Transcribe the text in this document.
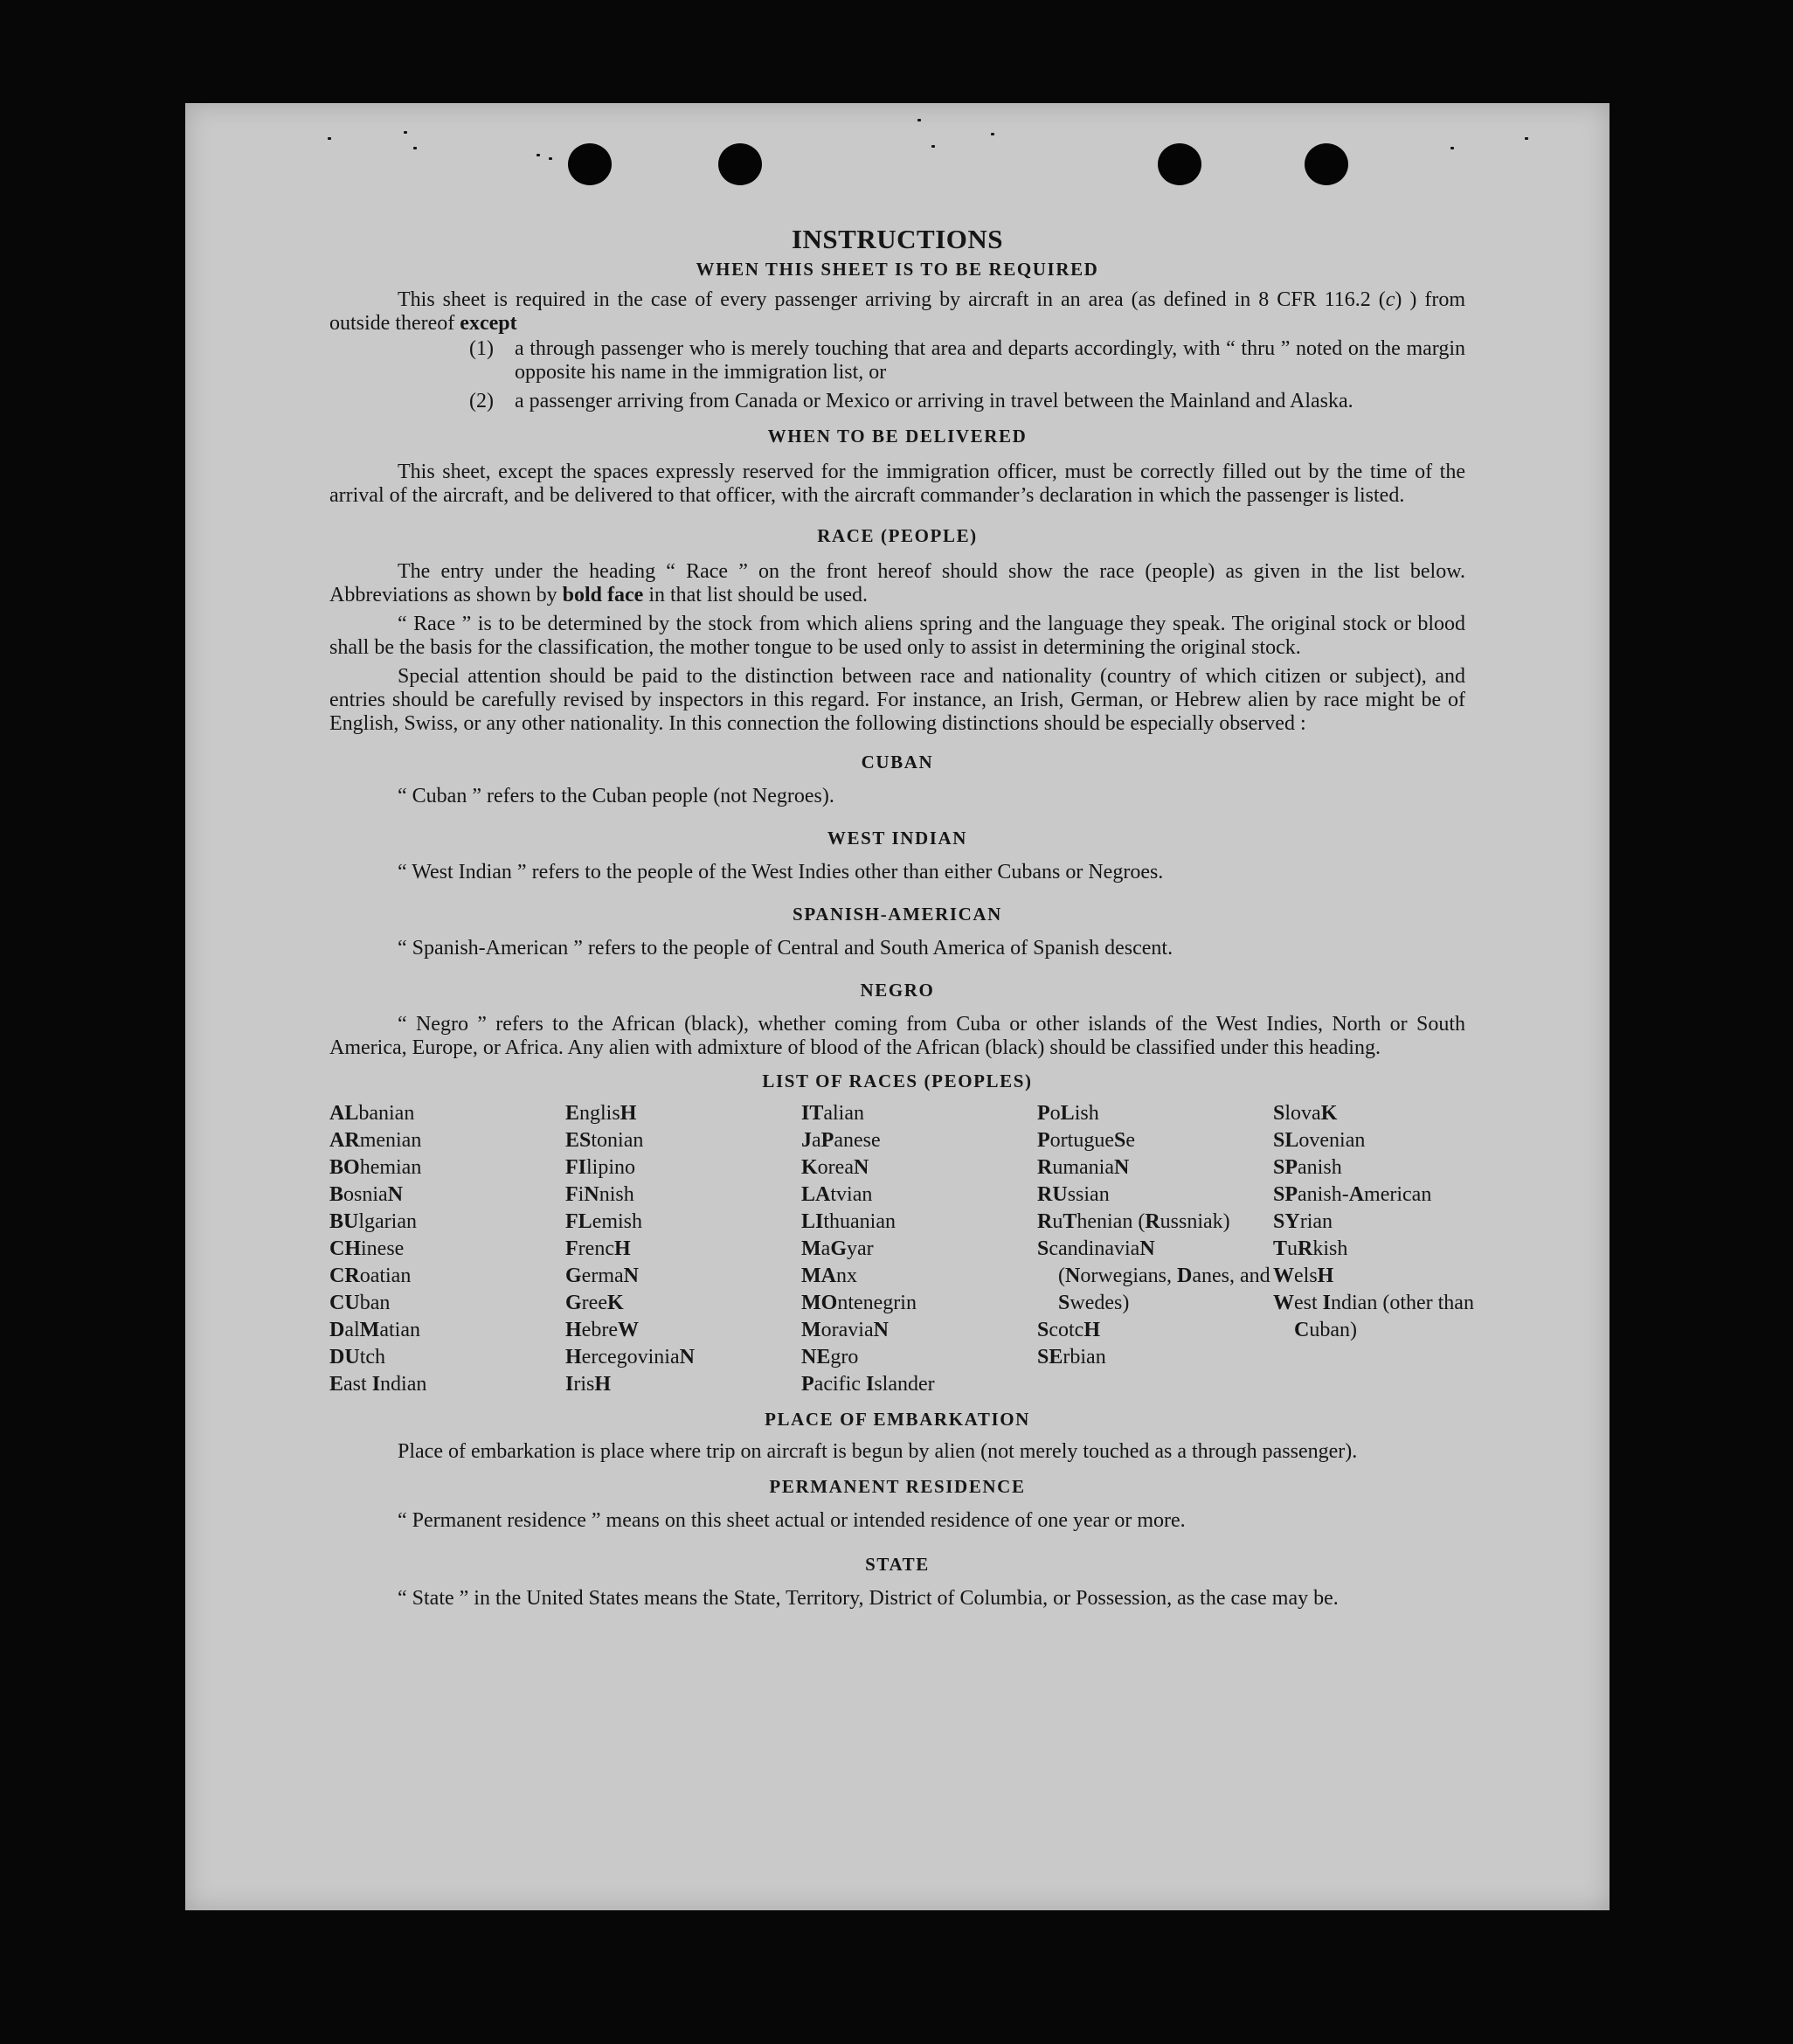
INSTRUCTIONS
WHEN THIS SHEET IS TO BE REQUIRED

This sheet is required in the case of every passenger arriving by aircraft in an area (as defined in 8 CFR 116.2 (c) ) from outside thereof except

(1)	a through passenger who is merely touching that area and departs accordingly, with “ thru ” noted on the margin opposite his name in the immigration list, or
(2)	a passenger arriving from Canada or Mexico or arriving in travel between the Mainland and Alaska.
WHEN TO BE DELIVERED

This sheet, except the spaces expressly reserved for the immigration officer, must be correctly filled out by the time of the arrival of the aircraft, and be delivered to that officer, with the aircraft commander’s declaration in which the passenger is listed.

RACE (PEOPLE)

The entry under the heading “ Race ” on the front hereof should show the race (people) as given in the list below. Abbreviations as shown by bold face in that list should be used.

“ Race ” is to be determined by the stock from which aliens spring and the language they speak. The original stock or blood shall be the basis for the classification, the mother tongue to be used only to assist in determining the original stock.

Special attention should be paid to the distinction between race and nationality (country of which citizen or subject), and entries should be carefully revised by inspectors in this regard. For instance, an Irish, German, or Hebrew alien by race might be of English, Swiss, or any other nationality. In this connection the following distinctions should be especially observed :

CUBAN
“ Cuban ” refers to the Cuban people (not Negroes).
WEST INDIAN
“ West Indian ” refers to the people of the West Indies other than either Cubans or Negroes.
SPANISH-AMERICAN
“ Spanish-American ” refers to the people of Central and South America of Spanish descent.
NEGRO

“ Negro ” refers to the African (black), whether coming from Cuba or other islands of the West Indies, North or South America, Europe, or Africa. Any alien with admixture of blood of the African (black) should be classified under this heading.

LIST OF RACES (PEOPLES)
ALbanian
ARmenian
BOhemian
BosniaN
BUlgarian
CHinese
CRoatian
CUban
DalMatian
DUtch
East Indian
EnglisH
EStonian
FIlipino
FiNnish
FLemish
FrencH
GermaN
GreeK
HebreW
HercegoviniaN
IrisH
ITalian
JaPanese
KoreaN
LAtvian
LIthuanian
MaGyar
MAnx
MOntenegrin
MoraviaN
NEgro
Pacific Islander
PoLish
PortugueSe
RumaniaN
RUssian
RuThenian (Russniak)
ScandinaviaN (Norwegians, Danes, and Swedes)
ScotcH
SErbian
SlovaK
SLovenian
SPanish
SPanish-American
SYrian
TuRkish
WelsH
West Indian (other than Cuban)
PLACE OF EMBARKATION

Place of embarkation is place where trip on aircraft is begun by alien (not merely touched as a through passenger).

PERMANENT RESIDENCE
“ Permanent residence ” means on this sheet actual or intended residence of one year or more.
STATE

“ State ” in the United States means the State, Territory, District of Columbia, or Possession, as the case may be.
